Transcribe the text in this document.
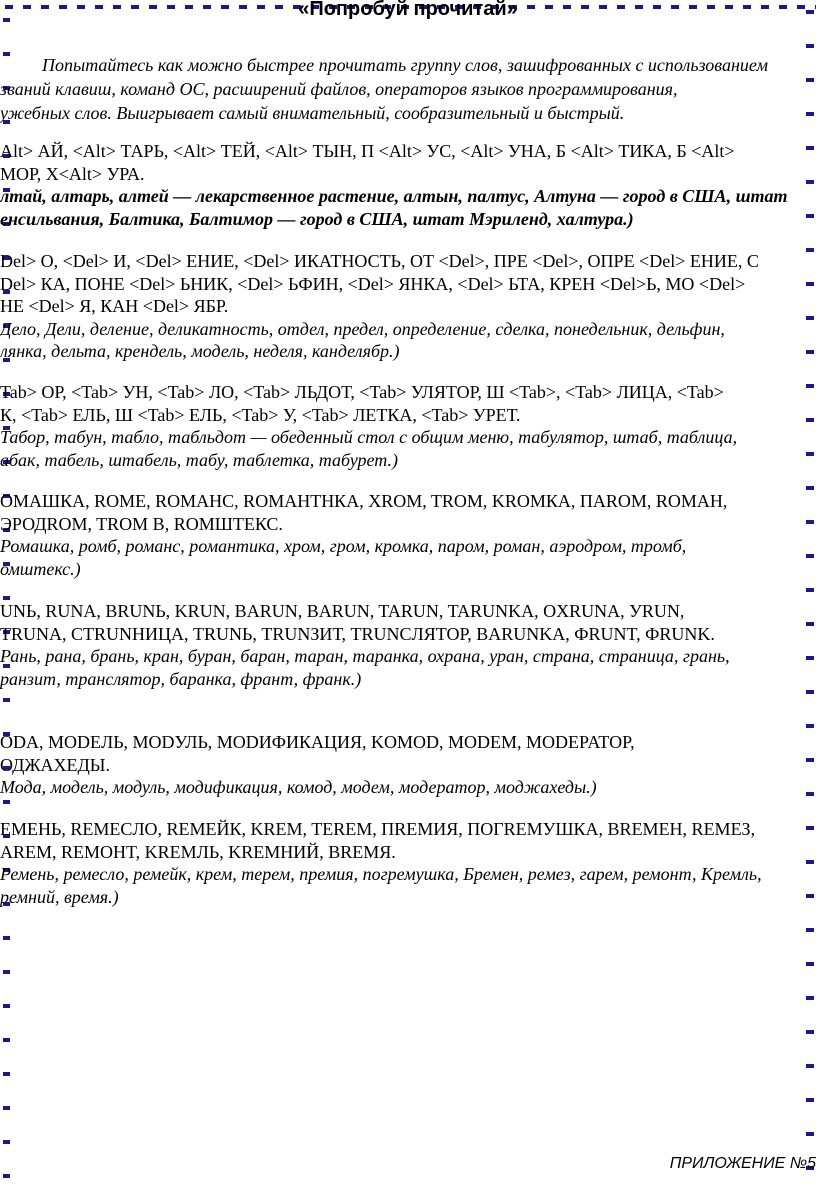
«Попробуй прочитай»
Попытайтесь как можно быстрее прочитать группу слов, зашифрованных с использованием
званий клавиш, команд ОС, расширений файлов, операторов языков программирования,
ужебных слов. Выигрывает самый внимательный, сообразительный и быстрый.
Alt> АЙ, <Alt> ТАРЬ, <Alt> ТЕЙ, <Alt> ТЫН, П <Alt> УС, <Alt> УНА, Б <Alt> ТИКА, Б <Alt>
МОР, Х<Alt> УРА.
лтай, алтарь, алтей — лекарственное растение, алтын, палтус, Алтуна — город в США, штат
енсильвания, Балтика, Балтимор — город в США, штат Мэриленд, халтура.)
Del> О, <Del> И, <Del> ЕНИЕ, <Del> ИКАТНОСТЬ, ОТ <Del>, ПРЕ <Del>, ОПРЕ <Del> ЕНИЕ, С
Del> КА, ПОНЕ <Del> ЬНИК, <Del> ЬФИН, <Del> ЯНКА, <Del> ЬТА, КРЕН <Del>Ь, МО <Del>
НЕ <Del> Я, КАН <Del> ЯБР.
Дело, Дели, деление, деликатность, отдел, предел, определение, сделка, понедельник, дельфин,
лянка, дельта, крендель, модель, неделя, канделябр.)
Tab> ОР, <Tab> УН, <Tab> ЛО, <Tab> ЛЬДОТ, <Tab> УЛЯТОР, Ш <Tab>, <Tab> ЛИЦА, <Tab>
К, <Tab> ЕЛЬ, Ш <Tab> ЕЛЬ, <Tab> У, <Tab> ЛЕТКА, <Tab> УРЕТ.
Табор, табун, табло, табльдот — обеденный стол с общим меню, табулятор, штаб, таблица,
абак, табель, штабель, табу, таблетка, табурет.)
ОМАШКА, ROME, ROMAНС, ROMAНТНКА, XROM, TROM, KROMКА, ПAROM, ROMAH,
ЭРОДROM, TROM B, ROMШТЕКС.
Ромашка, ромб, романс, романтика, хром, гром, кромка, паром, роман, аэродром, тромб,
омштекс.)
UNЬ, RUNA, BRUNЬ, KRUN, BARUN, BARUN, TARUN, TARUNKA, OXRUNA, УRUN,
TRUNA, CTRUNНИЦА, TRUNЬ, TRUNЗИТ, TRUNCЛЯТОР, BARUNKA, ФRUNT, ФRUNK.
Рань, рана, брань, кран, буран, баран, таран, таранка, охрана, уран, страна, страница, грань,
ранзит, транслятор, баранка, франт, франк.)
ODA, MODEЛЬ, MODУЛЬ, MODИФИКАЦИЯ, KOMOD, MODEM, MODEPATOP,
ОДЖАХЕДЫ.
Мода, модель, модуль, модификация, комод, модем, модератор, моджахеды.)
ЕМЕНЬ, REMECЛО, REMEЙК, KREM, TEREM, ПREMИЯ, ПОГREMУШКА, BREMEН, REMEЗ,
AREM, REMOHT, KREMЛЬ, KREMНИЙ, BREMЯ.
Ремень, ремесло, ремейк, крем, терем, премия, погремушка, Бремен, ремез, гарем, ремонт, Кремль,
ремний, время.)
ПРИЛОЖЕНИЕ №5
